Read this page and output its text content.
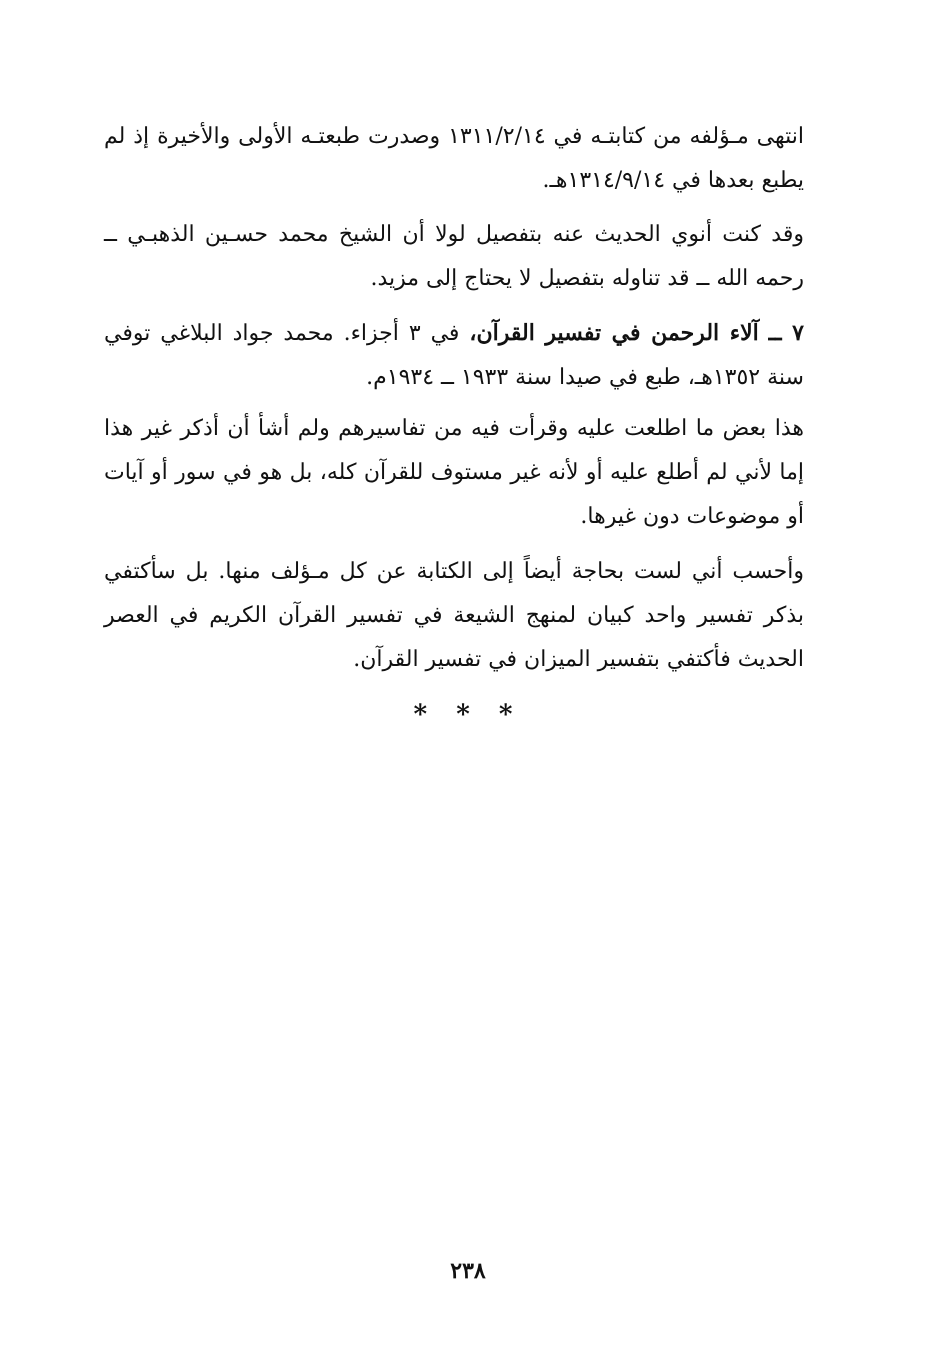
انتهى مـؤلفه من كتابتـه في ١٣١١/٢/١٤ وصدرت طبعتـه الأولى والأخيرة إذ لم يطبع بعدها في ١٣١٤/٩/١٤هـ.

وقد كنت أنوي الحديث عنه بتفصيل لولا أن الشيخ محمد حسـين الذهبـي ــ رحمه الله ــ قد تناوله بتفصيل لا يحتاج إلى مزيد.

٧ ــ آلاء الرحمن في تفسير القرآن، في ٣ أجزاء. محمد جواد البلاغي توفي سنة ١٣٥٢هـ، طبع في صيدا سنة ١٩٣٣ ــ ١٩٣٤م.

هذا بعض ما اطلعت عليه وقرأت فيه من تفاسيرهم ولم أشأ أن أذكر غير هذا إما لأني لم أطلع عليه أو لأنه غير مستوف للقرآن كله، بل هو في سور أو آيات أو موضوعات دون غيرها.

وأحسب أني لست بحاجة أيضاً إلى الكتابة عن كل مـؤلف منها. بل سأكتفي بذكر تفسير واحد كبيان لمنهج الشيعة في تفسير القرآن الكريم في العصر الحديث فأكتفي بتفسير الميزان في تفسير القرآن.

* * *
٢٣٨
